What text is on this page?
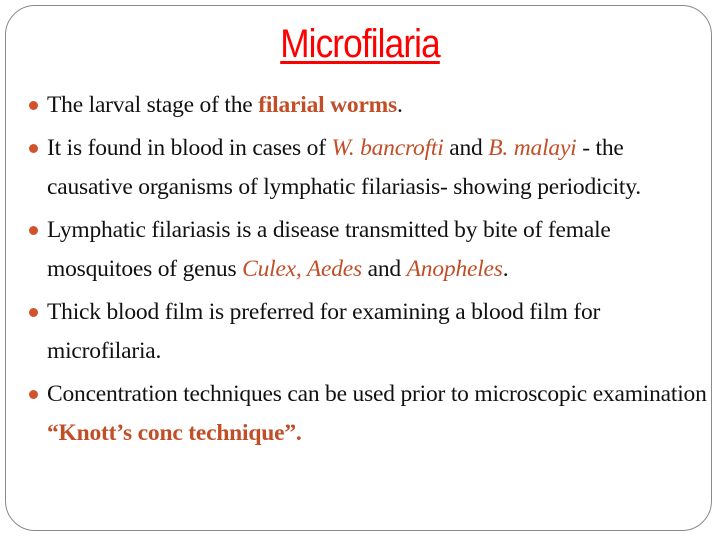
Microfilaria
The larval stage of the filarial worms.
It is found in blood in cases of W. bancrofti and B. malayi - the causative organisms of lymphatic filariasis- showing periodicity.
Lymphatic filariasis is a disease transmitted by bite of female mosquitoes of genus Culex, Aedes and Anopheles.
Thick blood film is preferred for examining a blood film for microfilaria.
Concentration techniques can be used prior to microscopic examination “Knott’s conc technique”.
